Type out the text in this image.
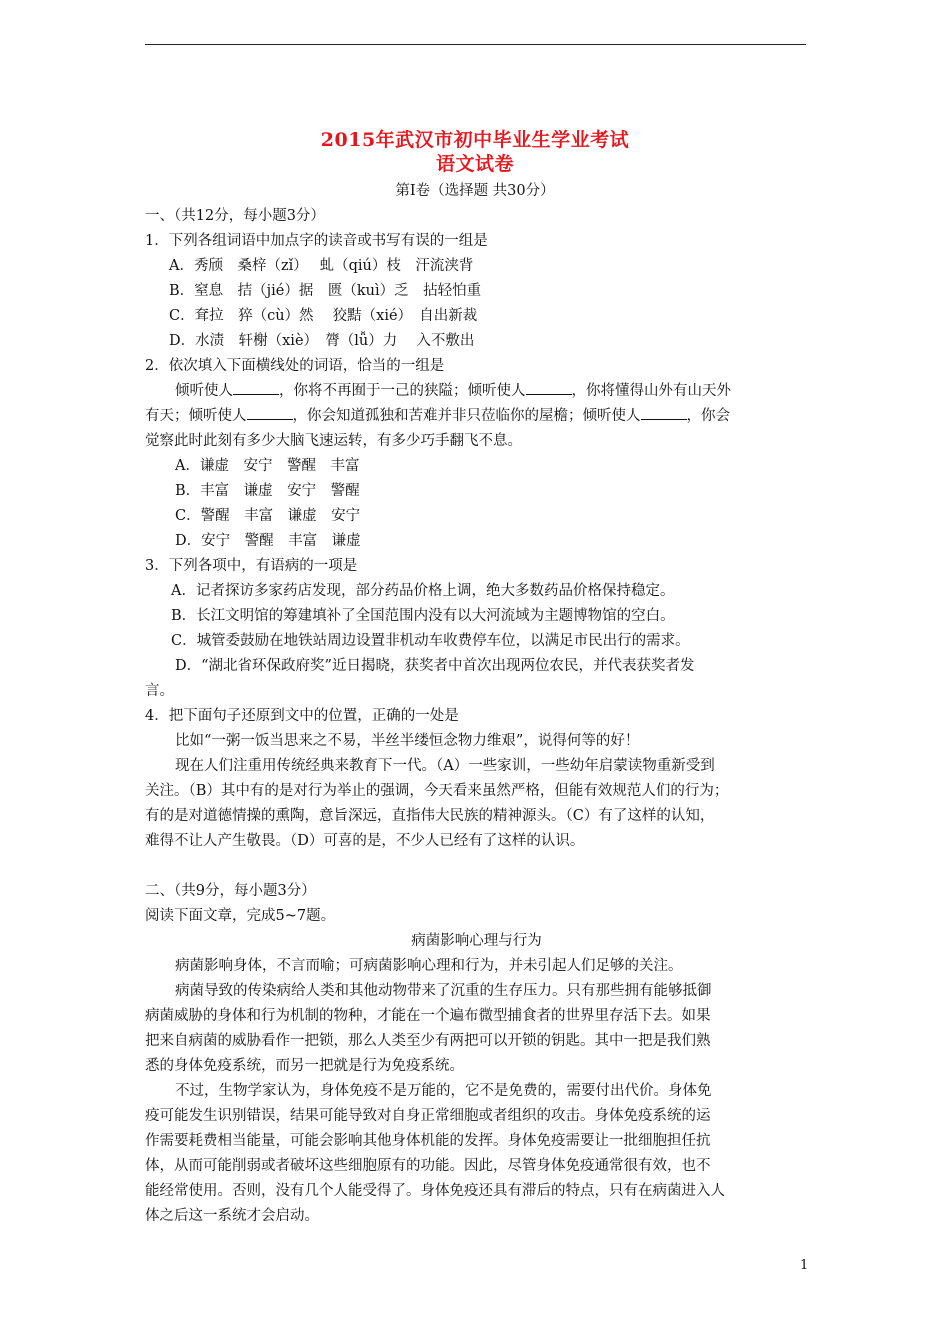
2015年武汉市初中毕业生学业考试
语文试卷
第Ⅰ卷（选择题 共30分）

一、（共12分，每小题3分）

1．下列各组词语中加点字的读音或书写有误的一组是

A．秀颀　桑梓（zǐ）　 虬（qiú）枝　汗流浃背

B．窒息　拮（jié）据　匮（kuì）乏　拈轻怕重

C．耷拉　猝（cù）然　 狡黠（xié）　自出新裁

D．水渍　轩榭（xiè）　膂（lǚ）力　 入不敷出

2．依次填入下面横线处的词语，恰当的一组是

倾听使人	，你将不再囿于一己的狭隘；倾听使人	，你将懂得山外有山天外

有天；倾听使人	，你会知道孤独和苦难并非只莅临你的屋檐；倾听使人	，你会

觉察此时此刻有多少大脑飞速运转，有多少巧手翻飞不息。

A．谦虚　安宁　警醒　丰富

B．丰富　谦虚　安宁　警醒

C．警醒　丰富　谦虚　安宁

D．安宁　警醒　丰富　谦虚

3．下列各项中，有语病的一项是

A．记者探访多家药店发现，部分药品价格上调，绝大多数药品价格保持稳定。

B．长江文明馆的筹建填补了全国范围内没有以大河流域为主题博物馆的空白。

C．城管委鼓励在地铁站周边设置非机动车收费停车位，以满足市民出行的需求。

D．“湖北省环保政府奖”近日揭晓，获奖者中首次出现两位农民，并代表获奖者发

言。

4．把下面句子还原到文中的位置，正确的一处是

比如“一粥一饭当思来之不易，半丝半缕恒念物力维艰”，说得何等的好！

现在人们注重用传统经典来教育下一代。（A）一些家训，一些幼年启蒙读物重新受到

关注。（B）其中有的是对行为举止的强调，今天看来虽然严格，但能有效规范人们的行为；

有的是对道德情操的熏陶，意旨深远，直指伟大民族的精神源头。（C）有了这样的认知，

难得不让人产生敬畏。（D）可喜的是，不少人已经有了这样的认识。

二、（共9分，每小题3分）

阅读下面文章，完成5~7题。

病菌影响心理与行为

病菌影响身体，不言而喻；可病菌影响心理和行为，并未引起人们足够的关注。

病菌导致的传染病给人类和其他动物带来了沉重的生存压力。只有那些拥有能够抵御

病菌威胁的身体和行为机制的物种，才能在一个遍布微型捕食者的世界里存活下去。如果

把来自病菌的威胁看作一把锁，那么人类至少有两把可以开锁的钥匙。其中一把是我们熟

悉的身体免疫系统，而另一把就是行为免疫系统。

不过，生物学家认为，身体免疫不是万能的，它不是免费的，需要付出代价。身体免

疫可能发生识别错误，结果可能导致对自身正常细胞或者组织的攻击。身体免疫系统的运

作需要耗费相当能量，可能会影响其他身体机能的发挥。身体免疫需要让一批细胞担任抗

体，从而可能削弱或者破坏这些细胞原有的功能。因此，尽管身体免疫通常很有效，也不

能经常使用。否则，没有几个人能受得了。身体免疫还具有滞后的特点，只有在病菌进入人

体之后这一系统才会启动。

1
